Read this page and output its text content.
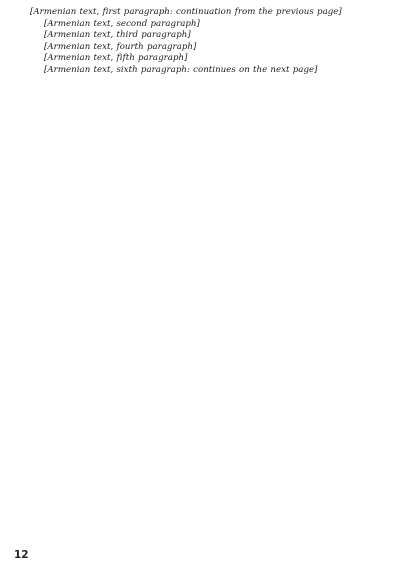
[Armenian text, first paragraph: continuation from the previous page]

[Armenian text, second paragraph]

[Armenian text, third paragraph]

[Armenian text, fourth paragraph]

[Armenian text, fifth paragraph]

[Armenian text, sixth paragraph: continues on the next page]

12
